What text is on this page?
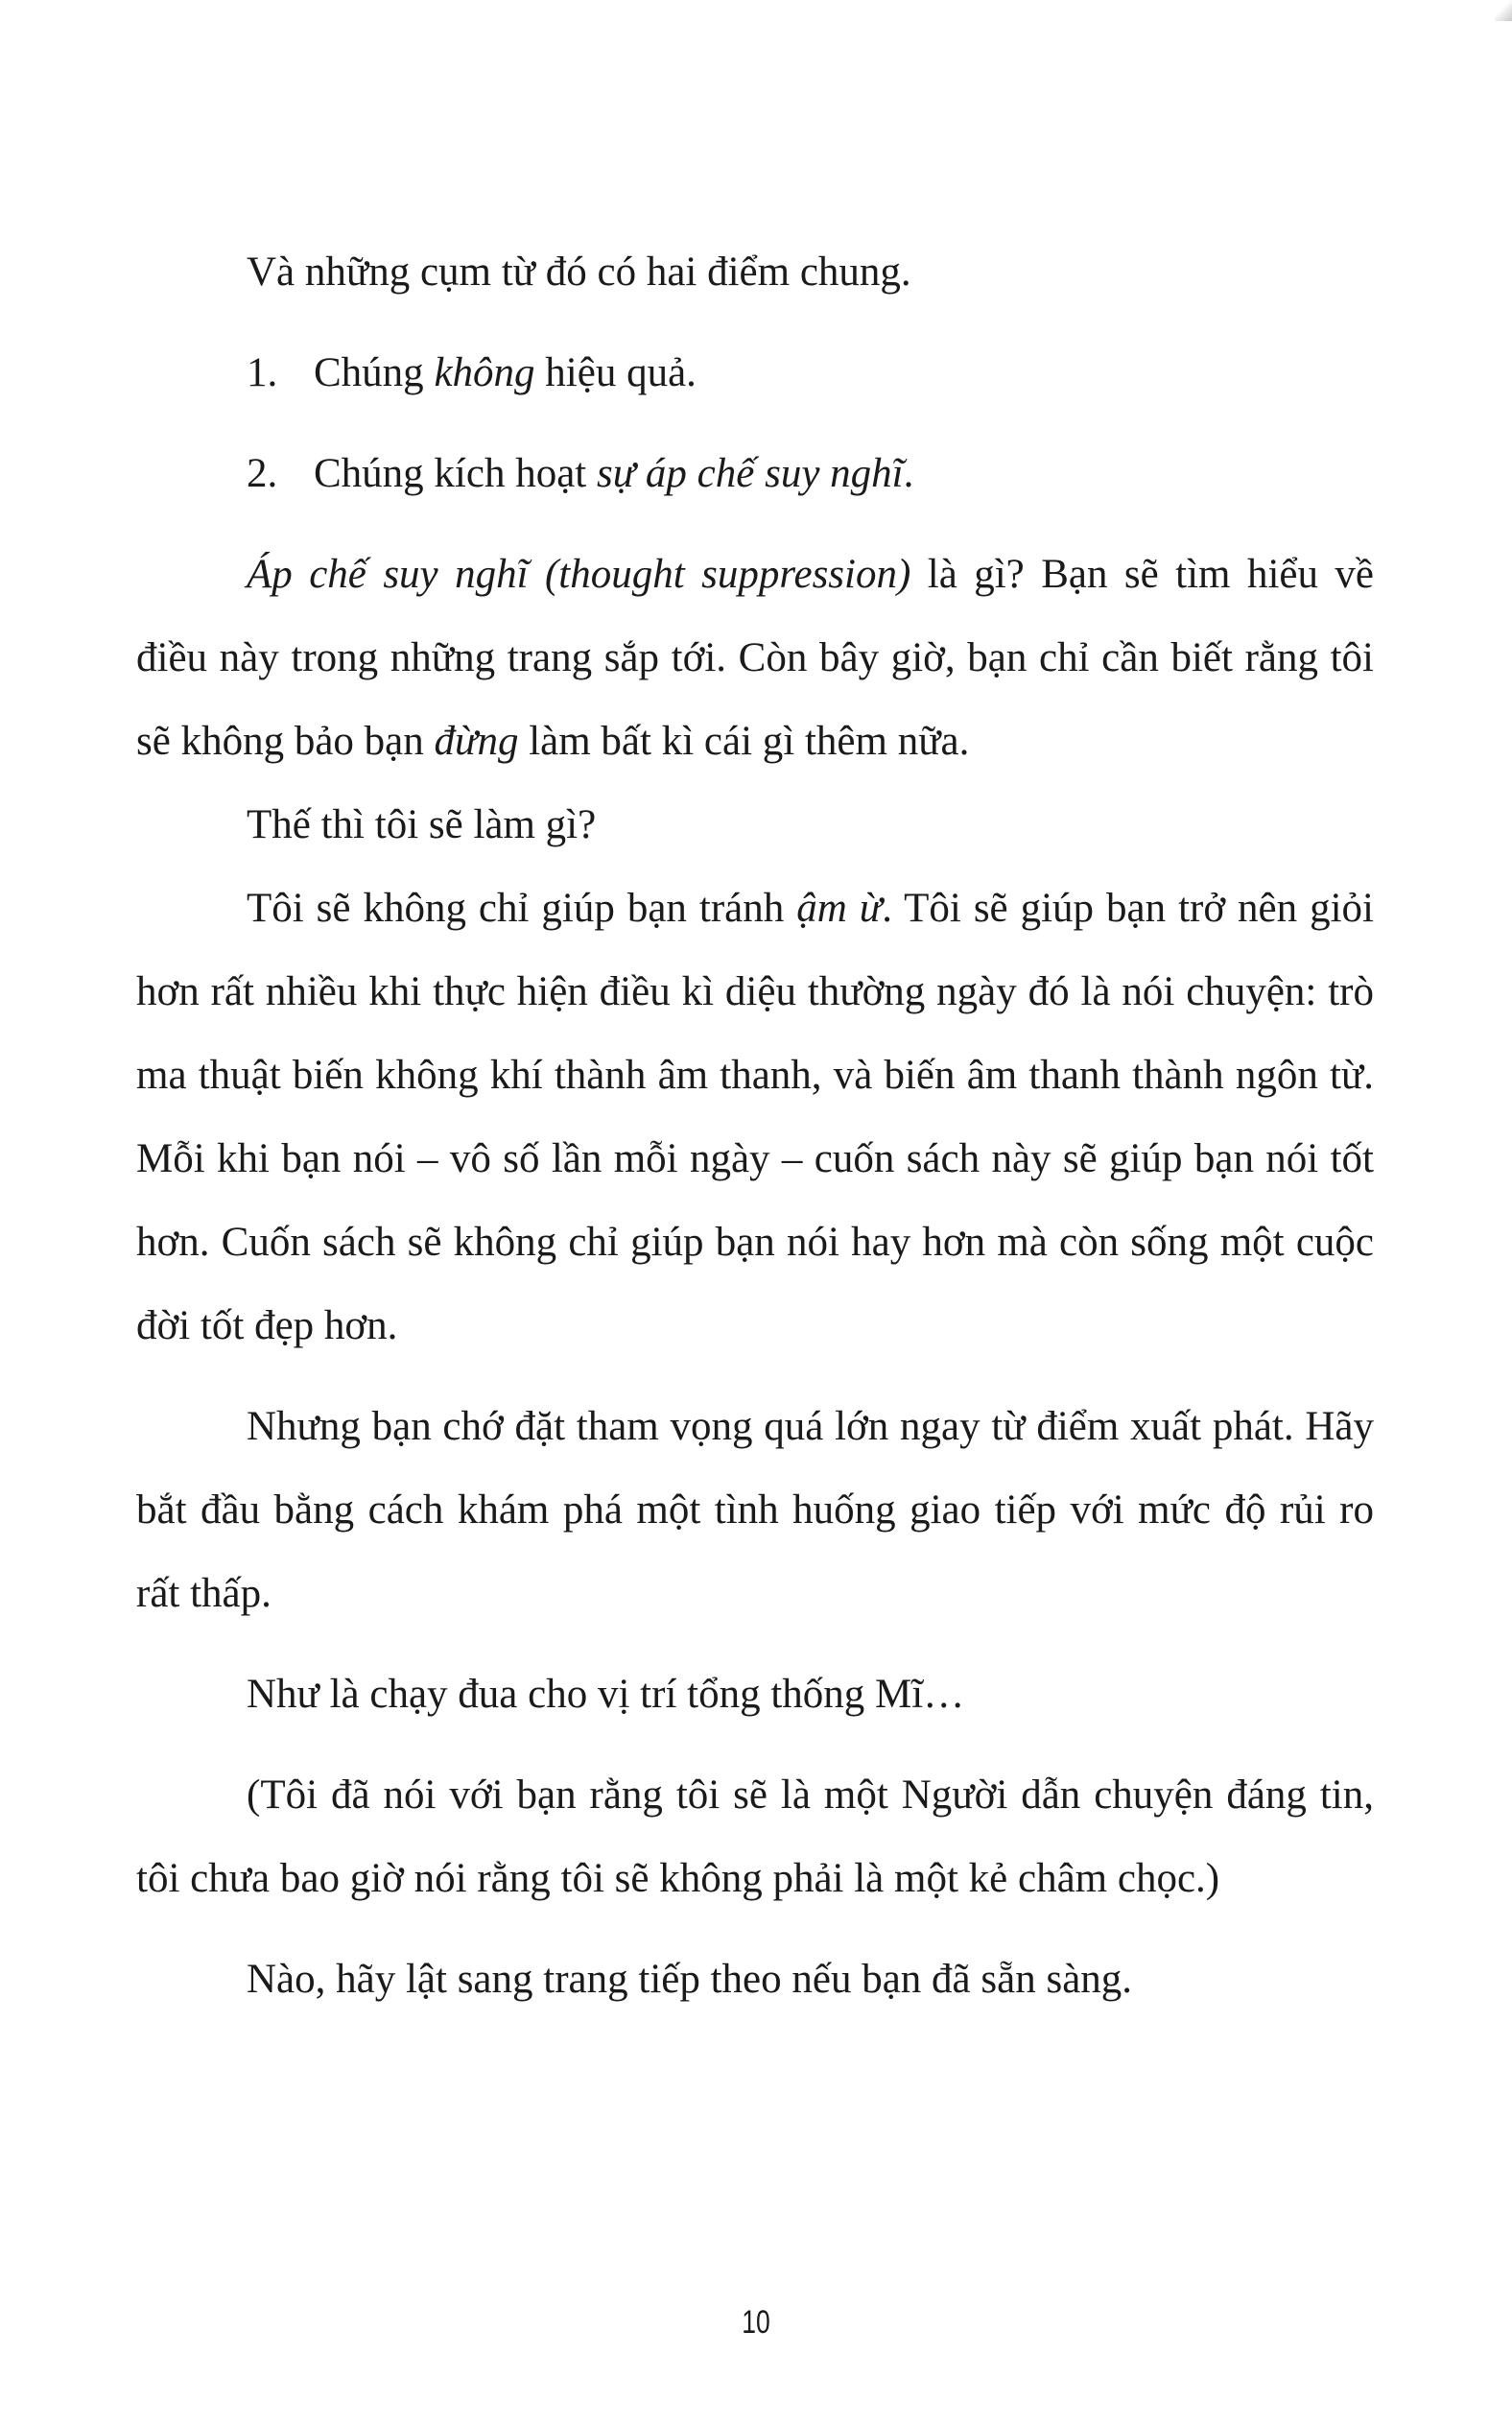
Và những cụm từ đó có hai điểm chung.

1. Chúng không hiệu quả.

2. Chúng kích hoạt sự áp chế suy nghĩ.

Áp chế suy nghĩ (thought suppression) là gì? Bạn sẽ tìm hiểu về điều này trong những trang sắp tới. Còn bây giờ, bạn chỉ cần biết rằng tôi sẽ không bảo bạn đừng làm bất kì cái gì thêm nữa.

Thế thì tôi sẽ làm gì?

Tôi sẽ không chỉ giúp bạn tránh ậm ừ. Tôi sẽ giúp bạn trở nên giỏi hơn rất nhiều khi thực hiện điều kì diệu thường ngày đó là nói chuyện: trò ma thuật biến không khí thành âm thanh, và biến âm thanh thành ngôn từ. Mỗi khi bạn nói – vô số lần mỗi ngày – cuốn sách này sẽ giúp bạn nói tốt hơn. Cuốn sách sẽ không chỉ giúp bạn nói hay hơn mà còn sống một cuộc đời tốt đẹp hơn.

Nhưng bạn chớ đặt tham vọng quá lớn ngay từ điểm xuất phát. Hãy bắt đầu bằng cách khám phá một tình huống giao tiếp với mức độ rủi ro rất thấp.

Như là chạy đua cho vị trí tổng thống Mĩ…

(Tôi đã nói với bạn rằng tôi sẽ là một Người dẫn chuyện đáng tin, tôi chưa bao giờ nói rằng tôi sẽ không phải là một kẻ châm chọc.)

Nào, hãy lật sang trang tiếp theo nếu bạn đã sẵn sàng.

10
